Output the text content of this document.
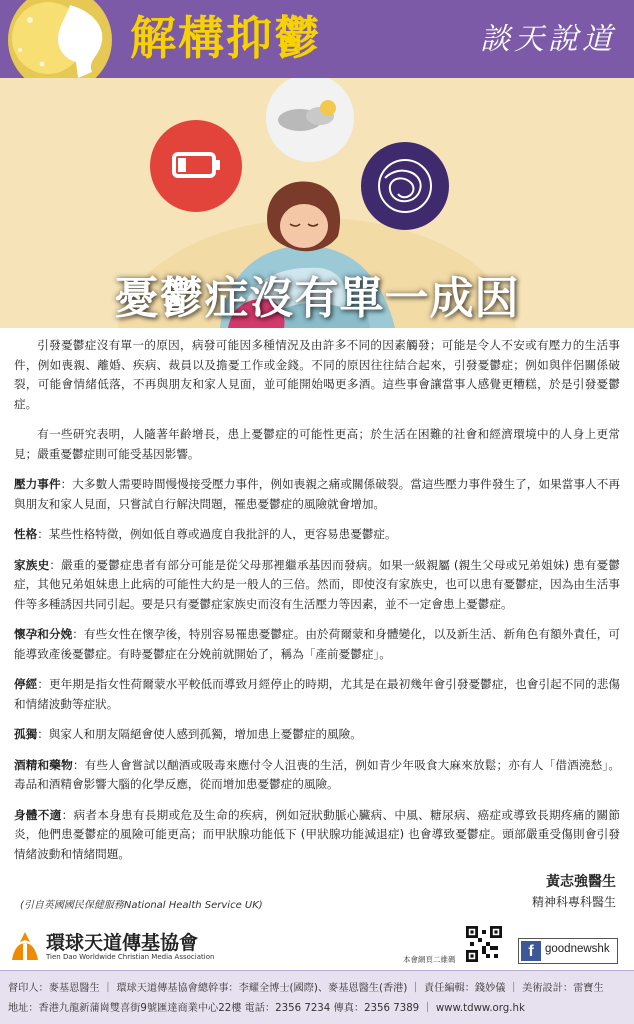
解構抑鬱	談天說道
憂鬱症沒有單一成因

引發憂鬱症沒有單一的原因，病發可能因多種情況及由許多不同的因素觸發；可能是令人不安或有壓力的生活事件，例如喪親、離婚、疾病、裁員以及擔憂工作或金錢。不同的原因往往結合起來，引發憂鬱症；例如與伴侶關係破裂，可能會情緒低落，不再與朋友和家人見面，並可能開始喝更多酒。這些事會讓當事人感覺更糟糕，於是引發憂鬱症。

有一些研究表明，人隨著年齡增長，患上憂鬱症的可能性更高；於生活在困難的社會和經濟環境中的人身上更常見；嚴重憂鬱症則可能受基因影響。

壓力事件：大多數人需要時間慢慢接受壓力事件，例如喪親之痛或關係破裂。當這些壓力事件發生了，如果當事人不再與朋友和家人見面，只嘗試自行解決問題，罹患憂鬱症的風險就會增加。

性格：某些性格特徵，例如低自尊或過度自我批評的人，更容易患憂鬱症。

家族史：嚴重的憂鬱症患者有部分可能是從父母那裡繼承基因而發病。如果一級親屬 (親生父母或兄弟姐妹) 患有憂鬱症，其他兄弟姐妹患上此病的可能性大約是一般人的三倍。然而，即使沒有家族史，也可以患有憂鬱症，因為由生活事件等多種誘因共同引起。要是只有憂鬱症家族史而沒有生活壓力等因素，並不一定會患上憂鬱症。

懷孕和分娩：有些女性在懷孕後，特別容易罹患憂鬱症。由於荷爾蒙和身體變化，以及新生活、新角色有額外責任，可能導致產後憂鬱症。有時憂鬱症在分娩前就開始了，稱為「產前憂鬱症」。

停經：更年期是指女性荷爾蒙水平較低而導致月經停止的時期，尤其是在最初幾年會引發憂鬱症，也會引起不同的悲傷和情緒波動等症狀。

孤獨：與家人和朋友隔絕會使人感到孤獨，增加患上憂鬱症的風險。

酒精和藥物：有些人會嘗試以酗酒或吸毒來應付令人沮喪的生活，例如青少年吸食大麻來放鬆；亦有人「借酒澆愁」。毒品和酒精會影響大腦的化學反應，從而增加患憂鬱症的風險。

身體不適：病者本身患有長期或危及生命的疾病，例如冠狀動脈心臟病、中風、糖尿病、癌症或導致長期疼痛的關節炎，他們患憂鬱症的風險可能更高；而甲狀腺功能低下 (甲狀腺功能減退症) 也會導致憂鬱症。頭部嚴重受傷則會引發情緒波動和情緒問題。

(引自英國國民保健服務National Health Service UK)
黃志強醫生
精神科專科醫生
環球天道傳基協會
Tien Dao Worldwide Christian Media Association	本會網頁二維碼	f goodnewshk
督印人：麥基恩醫生 ｜ 環球天道傳基協會總幹事：李耀全博士(國際)、麥基恩醫生(香港) ｜ 責任編輯：錢妙儀 ｜ 美術設計：雷寶生
地址：香港九龍新蒲崗雙喜街9號匯達商業中心22樓 電話：2356 7234 傳真：2356 7389 ｜ www.tdww.org.hk
